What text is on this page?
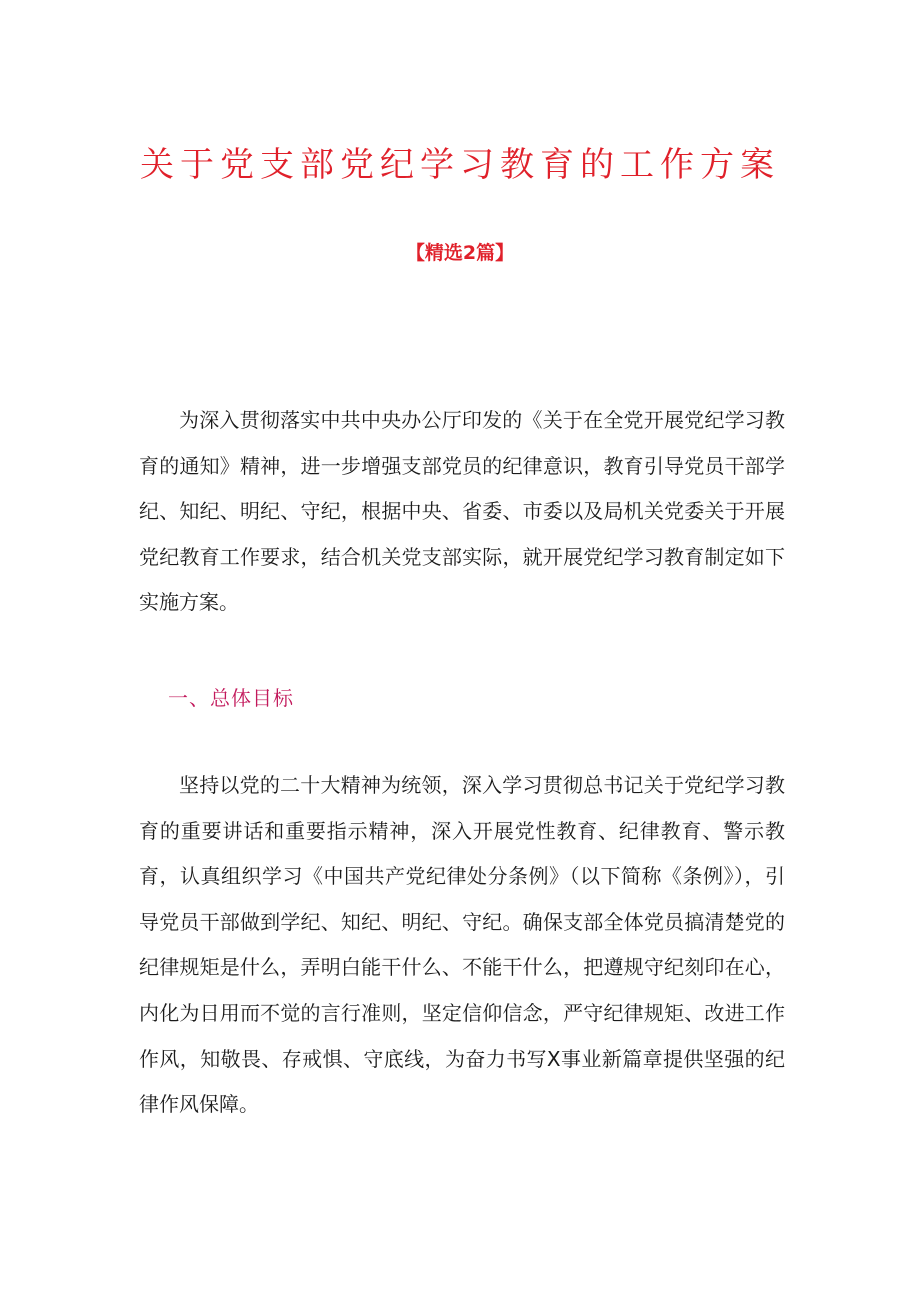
关于党支部党纪学习教育的工作方案
【精选2篇】

为深入贯彻落实中共中央办公厅印发的《关于在全党开展党纪学习教育的通知》精神，进一步增强支部党员的纪律意识，教育引导党员干部学纪、知纪、明纪、守纪，根据中央、省委、市委以及局机关党委关于开展党纪教育工作要求，结合机关党支部实际，就开展党纪学习教育制定如下实施方案。

一、总体目标

坚持以党的二十大精神为统领，深入学习贯彻总书记关于党纪学习教育的重要讲话和重要指示精神，深入开展党性教育、纪律教育、警示教育，认真组织学习《中国共产党纪律处分条例》（以下简称《条例》），引导党员干部做到学纪、知纪、明纪、守纪。确保支部全体党员搞清楚党的纪律规矩是什么，弄明白能干什么、不能干什么，把遵规守纪刻印在心，内化为日用而不觉的言行准则，坚定信仰信念，严守纪律规矩、改进工作作风，知敬畏、存戒惧、守底线，为奋力书写X事业新篇章提供坚强的纪律作风保障。
